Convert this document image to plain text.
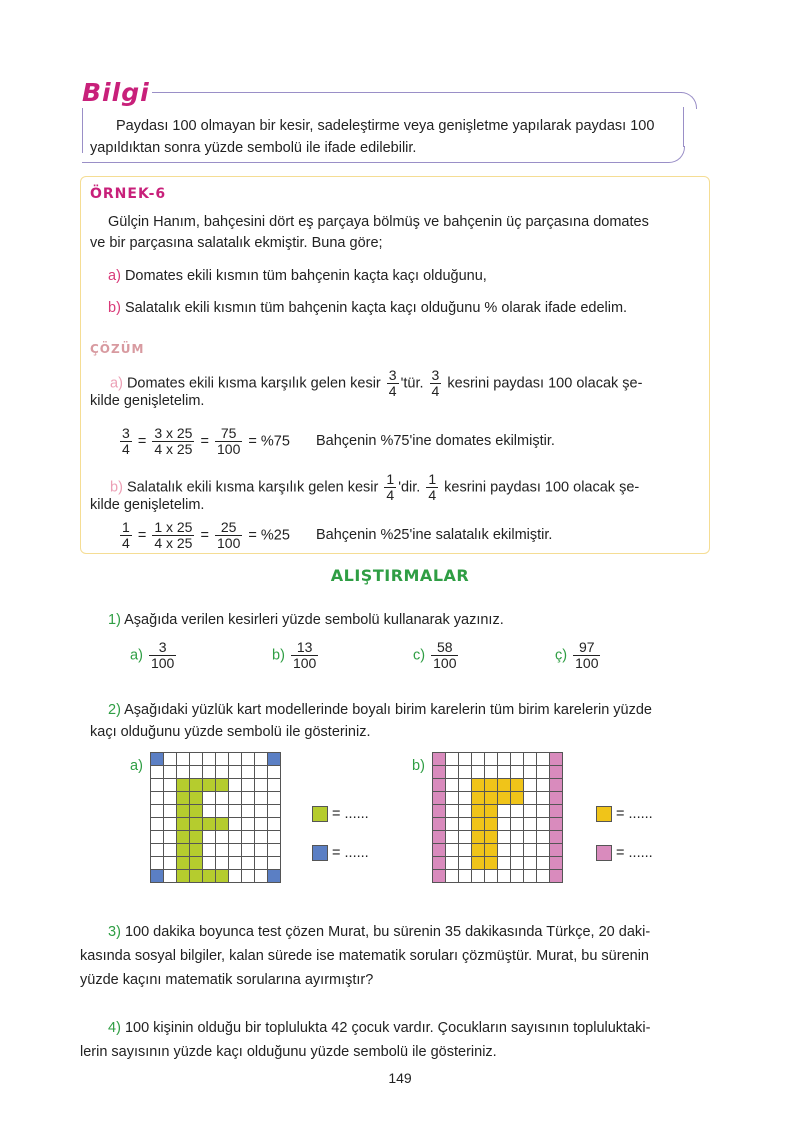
Bilgi
Paydası 100 olmayan bir kesir, sadeleştirme veya genişletme yapılarak paydası 100
yapıldıktan sonra yüzde sembolü ile ifade edilebilir.
ÖRNEK-6
Gülçin Hanım, bahçesini dört eş parçaya bölmüş ve bahçenin üç parçasına domates
ve bir parçasına salatalık ekmiştir. Buna göre;
a) Domates ekili kısmın tüm bahçenin kaçta kaçı olduğunu,
b) Salatalık ekili kısmın tüm bahçenin kaçta kaçı olduğunu % olarak ifade edelim.
ÇÖZÜM
a) Domates ekili kısma karşılık gelen kesir $\frac{3}{4}$ 'tür. $\frac{3}{4}$ kesrini paydası 100 olacak şe-
kilde genişletelim.
$\frac{3}{4} = \frac{3 x 25}{4 x 25} = \frac{75}{100} = \%75$ Bahçenin %75'ine domates ekilmiştir.
b) Salatalık ekili kısma karşılık gelen kesir $\frac{1}{4}$ 'dir. $\frac{1}{4}$ kesrini paydası 100 olacak şe-
kilde genişletelim.
$\frac{1}{4} = \frac{1 x 25}{4 x 25} = \frac{25}{100} = \%25$ Bahçenin %25'ine salatalık ekilmiştir.
ALIŞTIRMALAR
1) Aşağıda verilen kesirleri yüzde sembolü kullanarak yazınız.
$a) \frac{3}{100}$	$b) \frac{13}{100}$	$c) \frac{58}{100}$	ç) $\frac{97}{100}$
2) Aşağıdaki yüzlük kart modellerinde boyalı birim karelerin tüm birim karelerin yüzde
kaçı olduğunu yüzde sembolü ile gösteriniz.
a)

= ......
= ......
b)

= ......
= ......
3) 100 dakika boyunca test çözen Murat, bu sürenin 35 dakikasında Türkçe, 20 daki-
kasında sosyal bilgiler, kalan sürede ise matematik soruları çözmüştür. Murat, bu sürenin
yüzde kaçını matematik sorularına ayırmıştır?
4) 100 kişinin olduğu bir toplulukta 42 çocuk vardır. Çocukların sayısının topluluktaki-
lerin sayısının yüzde kaçı olduğunu yüzde sembolü ile gösteriniz.
149
